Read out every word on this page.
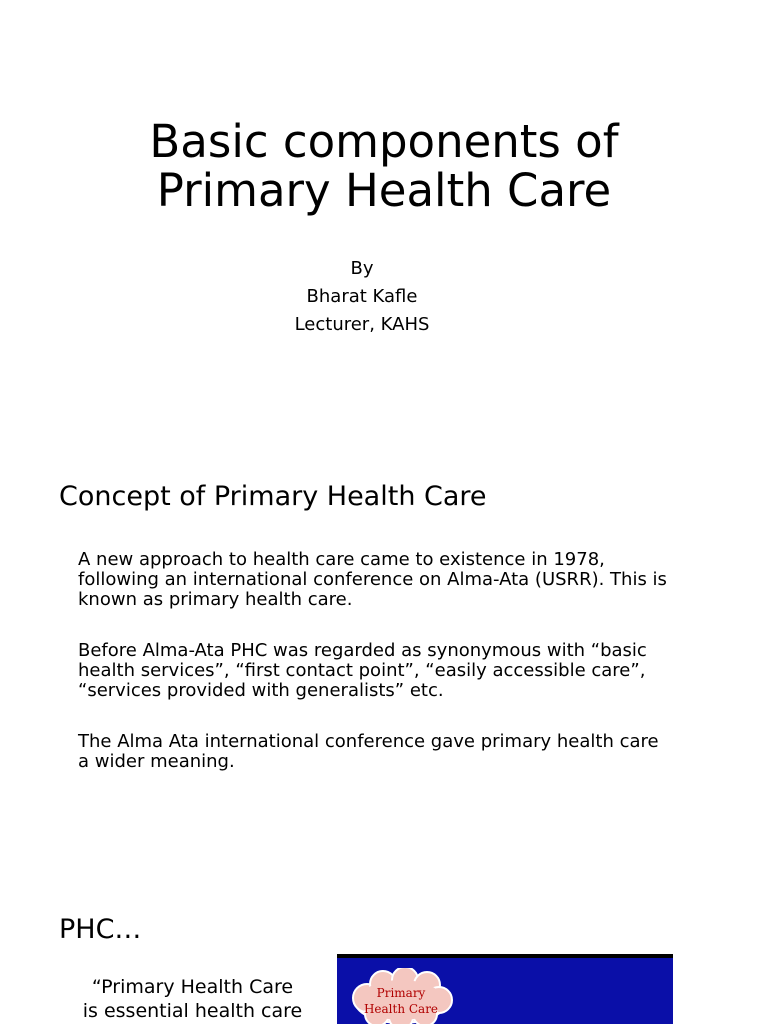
Basic components of
Primary Health Care
By
Bharat Kafle
Lecturer, KAHS
Concept of Primary Health Care

A new approach to health care came to existence in 1978,
following an international conference on Alma-Ata (USRR). This is
known as primary health care.

Before Alma-Ata PHC was regarded as synonymous with “basic
health services”, “first contact point”, “easily accessible care”,
“services provided with generalists” etc.

The Alma Ata international conference gave primary health care
a wider meaning.

PHC…

“Primary Health Care
is essential health care

Primary
Health Care
